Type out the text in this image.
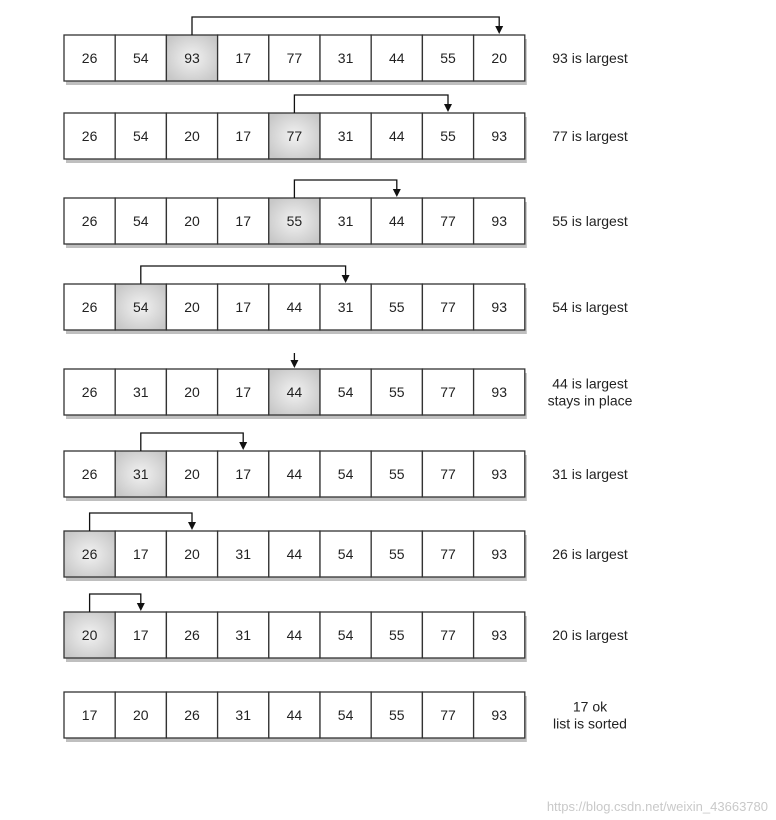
26	54	93	17	77	31	44	55	20	93 is largest
26	54	20	17	77	31	44	55	93	77 is largest
26	54	20	17	55	31	44	77	93	55 is largest
26	54	20	17	44	31	55	77	93	54 is largest
26	31	20	17	44	54	55	77	93
44 is largest
stays in place
26	31	20	17	44	54	55	77	93	31 is largest
26	17	20	31	44	54	55	77	93	26 is largest
20	17	26	31	44	54	55	77	93	20 is largest
17	20	26	31	44	54	55	77	93
17 ok
list is sorted
https://blog.csdn.net/weixin_43663780
